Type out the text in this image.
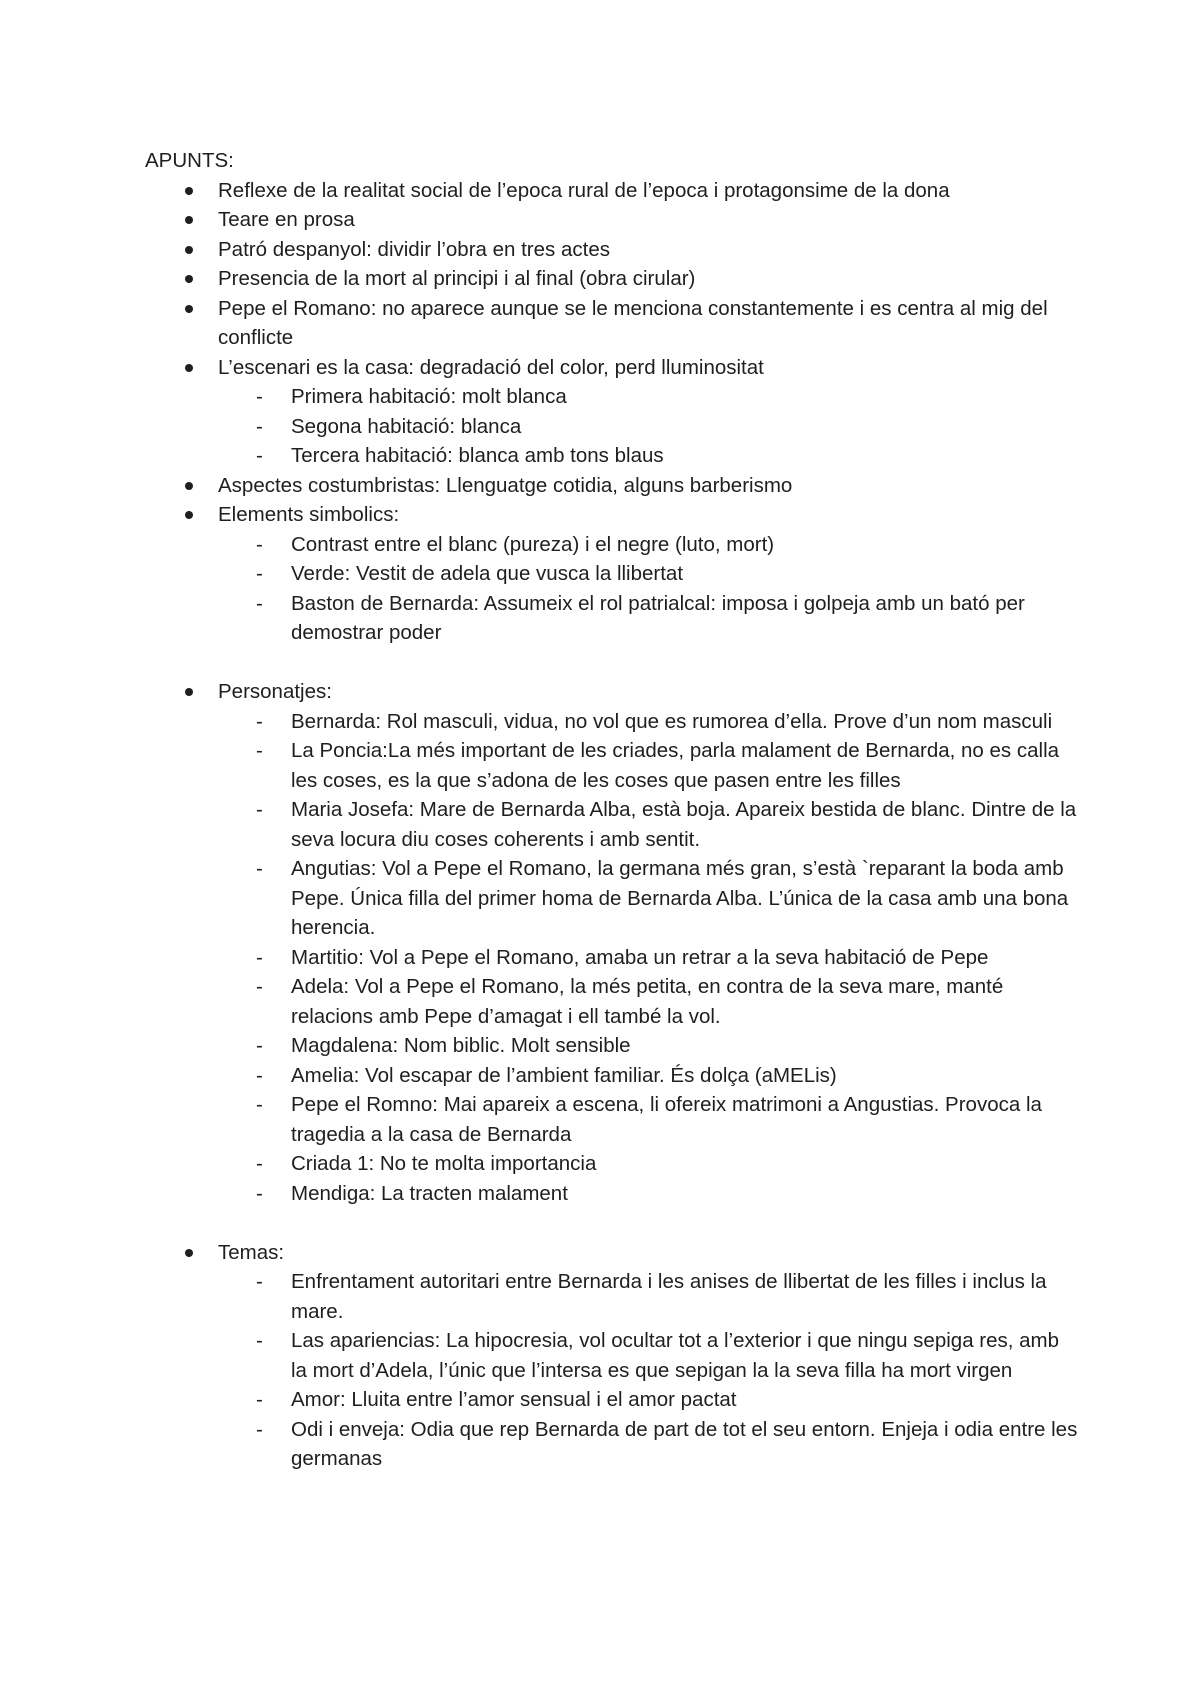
APUNTS:

Reflexe de la realitat social de l’epoca rural de l’epoca i protagonsime de la dona
Teare en prosa
Patró despanyol: dividir l’obra en tres actes
Presencia de la mort al principi i al final (obra cirular)
Pepe el Romano: no aparece aunque se le menciona constantemente i es centra al mig del conflicte
L’escenari es la casa: degradació del color, perd lluminositat
- Primera habitació: molt blanca
- Segona habitació: blanca
- Tercera habitació: blanca amb tons blaus
Aspectes costumbristas: Llenguatge cotidia, alguns barberismo
Elements simbolics:
- Contrast entre el blanc (pureza) i el negre (luto, mort)
- Verde: Vestit de adela que vusca la llibertat
- Baston de Bernarda: Assumeix el rol patrialcal: imposa i golpeja amb un bató per demostrar poder
Personatjes:
- Bernarda: Rol masculi, vidua, no vol que es rumorea d’ella. Prove d’un nom masculi
- La Poncia:La més important de les criades, parla malament de Bernarda, no es calla les coses, es la que s’adona de les coses que pasen entre les filles
- Maria Josefa: Mare de Bernarda Alba, està boja. Apareix bestida de blanc. Dintre de la seva locura diu coses coherents i amb sentit.
- Angutias: Vol a Pepe el Romano, la germana més gran, s’està `reparant la boda amb Pepe. Única filla del primer homa de Bernarda Alba. L’única de la casa amb una bona herencia.
- Martitio: Vol a Pepe el Romano, amaba un retrar a la seva habitació de Pepe
- Adela: Vol a Pepe el Romano, la més petita, en contra de la seva mare, manté relacions amb Pepe d’amagat i ell també la vol.
- Magdalena: Nom biblic. Molt sensible
- Amelia: Vol escapar de l’ambient familiar. És dolça (aMELis)
- Pepe el Romno: Mai apareix a escena, li ofereix matrimoni a Angustias. Provoca la tragedia a la casa de Bernarda
- Criada 1: No te molta importancia
- Mendiga: La tracten malament
Temas:
- Enfrentament autoritari entre Bernarda i les anises de llibertat de les filles i inclus la mare.
- Las apariencias: La hipocresia, vol ocultar tot a l’exterior i que ningu sepiga res, amb la mort d’Adela, l’únic que l’intersa es que sepigan la la seva filla ha mort virgen
- Amor: Lluita entre l’amor sensual i el amor pactat
- Odi i enveja: Odia que rep Bernarda de part de tot el seu entorn. Enjeja i odia entre les germanas
